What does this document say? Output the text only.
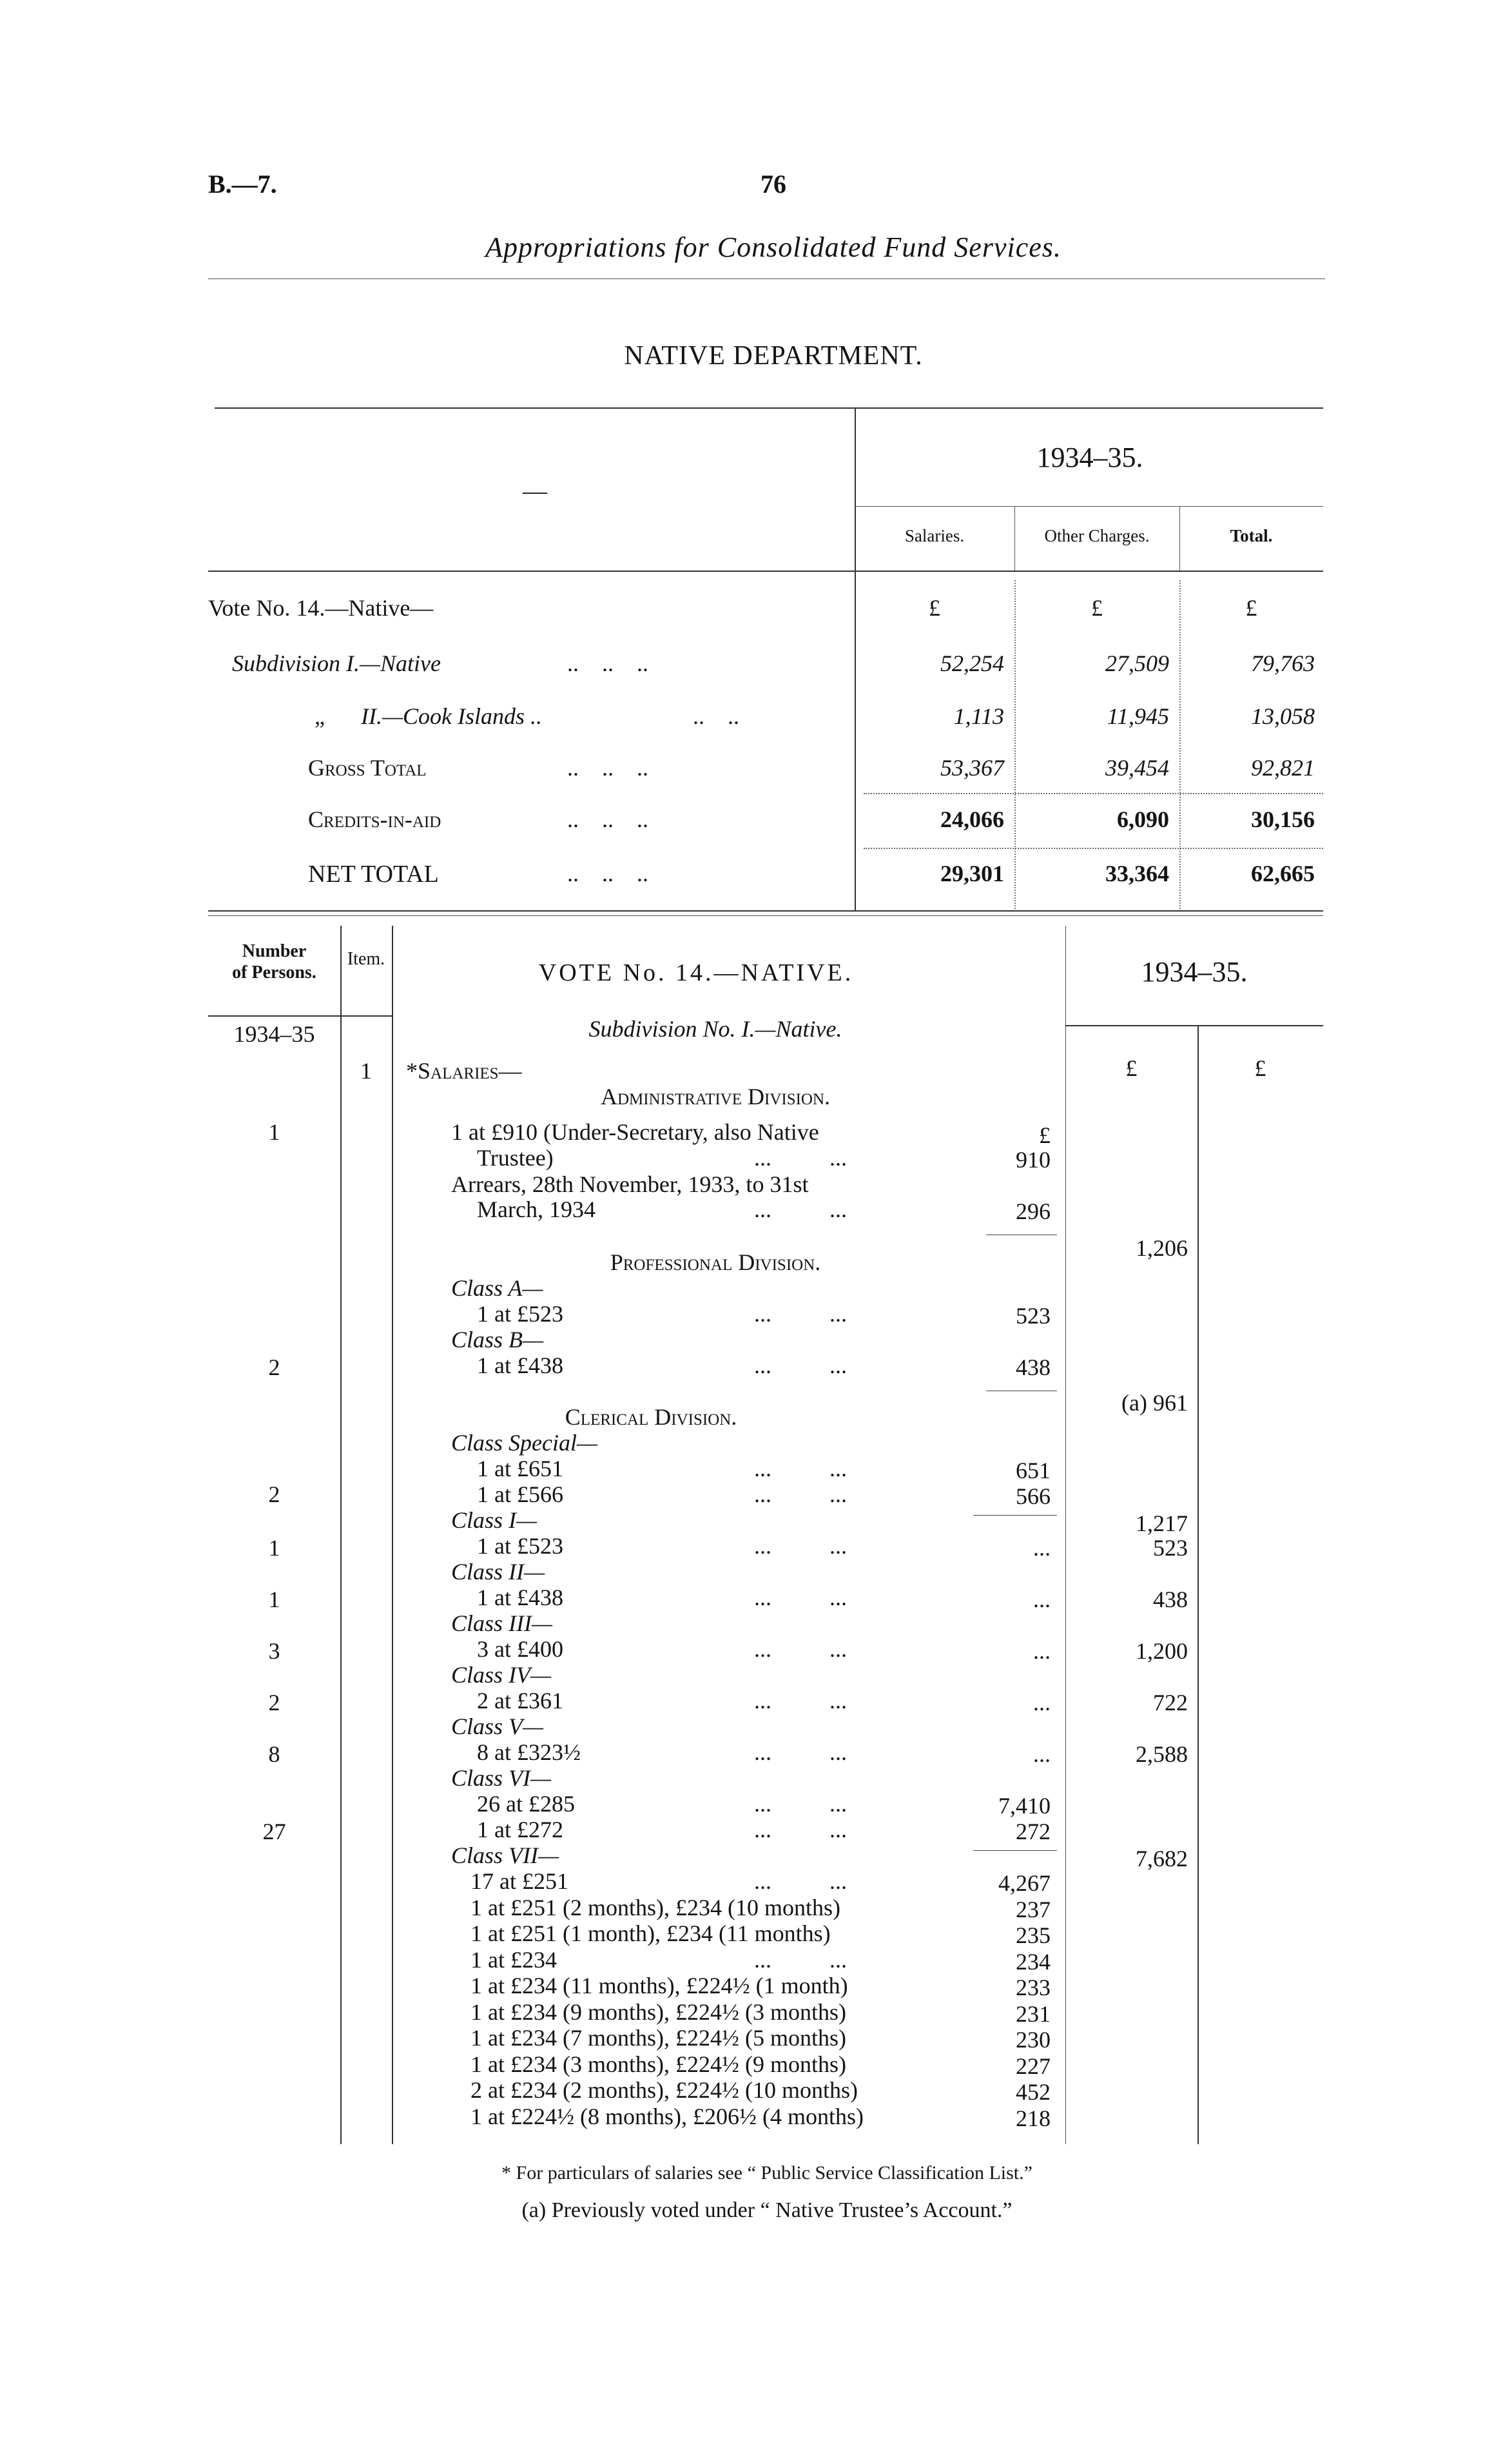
B.—7.	76
Appropriations for Consolidated Fund Services.
NATIVE DEPARTMENT.
—
1934–35.
Salaries.	Other Charges.	Total.
Vote No. 14.—Native—	£	£	£
Subdivision I.—Native	..    ..    ..	52,254	27,509	79,763
„ II.—Cook Islands ..	..    ..	1,113	11,945	13,058
Gross Total	..    ..    ..	53,367	39,454	92,821
Credits-in-aid	..    ..    ..	24,066	6,090	30,156
NET TOTAL	..    ..    ..	29,301	33,364	62,665
Number
of Persons.
Item.
VOTE No. 14.—NATIVE.	1934–35.
1934–35	Subdivision No. I.—Native.
1	*Salaries—	£	£
Administrative Division.
1	1 at £910 (Under-Secretary, also Native	£
Trustee)	...          ...	910
Arrears, 28th November, 1933, to 31st
March, 1934	...          ...	296
1,206
Professional Division.
Class A—
1 at £523	...          ...	523
Class B—
2	1 at £438	...          ...	438
(a) 961
Clerical Division.
Class Special—
1 at £651	...          ...	651
2	1 at £566	...          ...	566
1,217
Class I—
1	1 at £523	...          ...	...	523
Class II—
1	1 at £438	...          ...	...	438
Class III—
3	3 at £400	...          ...	...	1,200
Class IV—
2	2 at £361	...          ...	...	722
Class V—
8	8 at £323½	...          ...	...	2,588
Class VI—
26 at £285	...          ...	7,410
27	1 at £272	...          ...	272
7,682
Class VII—
17 at £251	...          ...	4,267
1 at £251 (2 months), £234 (10 months)	237
1 at £251 (1 month), £234 (11 months)	235
1 at £234	...          ...	234
1 at £234 (11 months), £224½ (1 month)	233
1 at £234 (9 months), £224½ (3 months)	231
1 at £234 (7 months), £224½ (5 months)	230
1 at £234 (3 months), £224½ (9 months)	227
2 at £234 (2 months), £224½ (10 months)	452
1 at £224½ (8 months), £206½ (4 months)	218
* For particulars of salaries see “ Public Service Classification List.”
(a) Previously voted under “ Native Trustee’s Account.”
